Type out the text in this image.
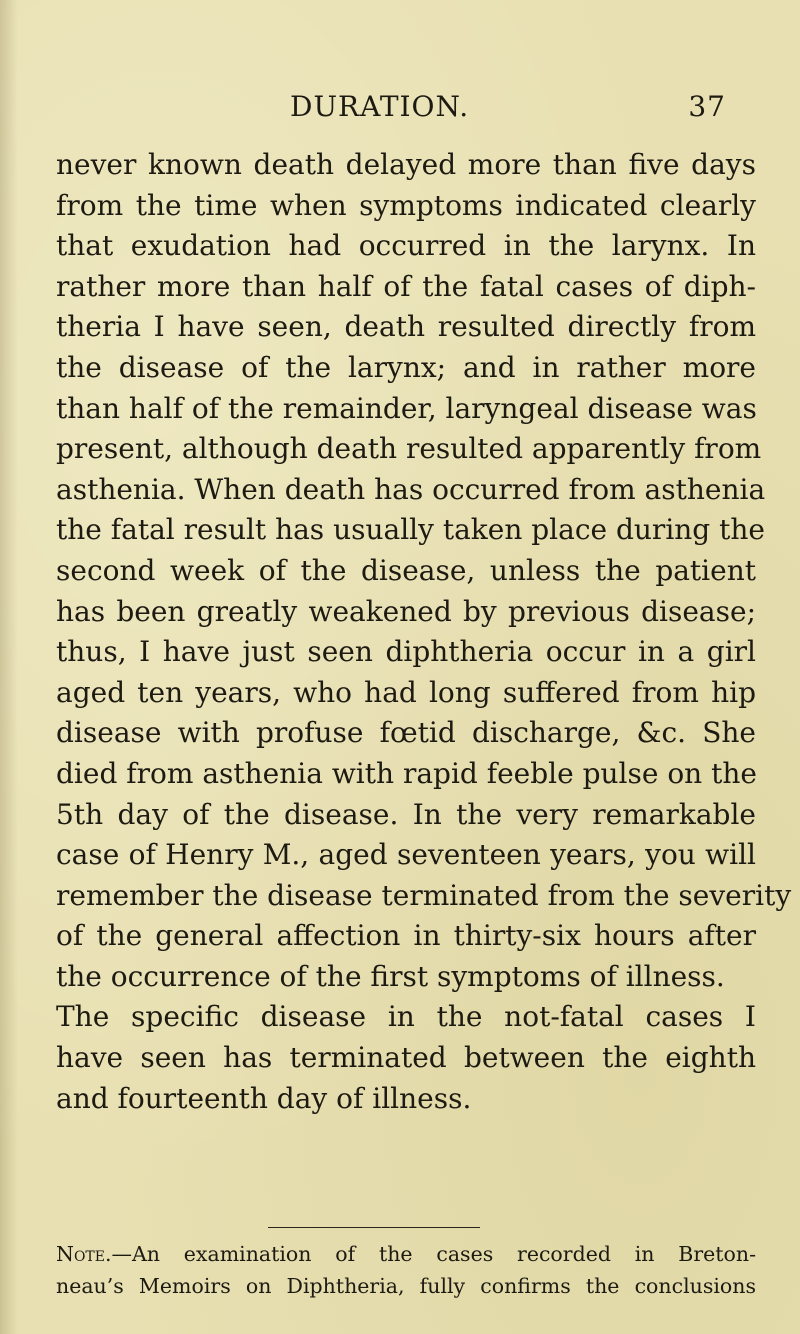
DURATION.	37
never known death delayed more than five days
from the time when symptoms indicated clearly
that exudation had occurred in the larynx. In
rather more than half of the fatal cases of diph-
theria I have seen, death resulted directly from
the disease of the larynx; and in rather more
than half of the remainder, laryngeal disease was
present, although death resulted apparently from
asthenia. When death has occurred from asthenia
the fatal result has usually taken place during the
second week of the disease, unless the patient
has been greatly weakened by previous disease;
thus, I have just seen diphtheria occur in a girl
aged ten years, who had long suffered from hip
disease with profuse fœtid discharge, &c. She
died from asthenia with rapid feeble pulse on the
5th day of the disease. In the very remarkable
case of Henry M., aged seventeen years, you will
remember the disease terminated from the severity
of the general affection in thirty-six hours after
the occurrence of the first symptoms of illness.
The specific disease in the not-fatal cases I
have seen has terminated between the eighth
and fourteenth day of illness.
Note.—An examination of the cases recorded in Breton-
neau’s Memoirs on Diphtheria, fully confirms the conclusions
